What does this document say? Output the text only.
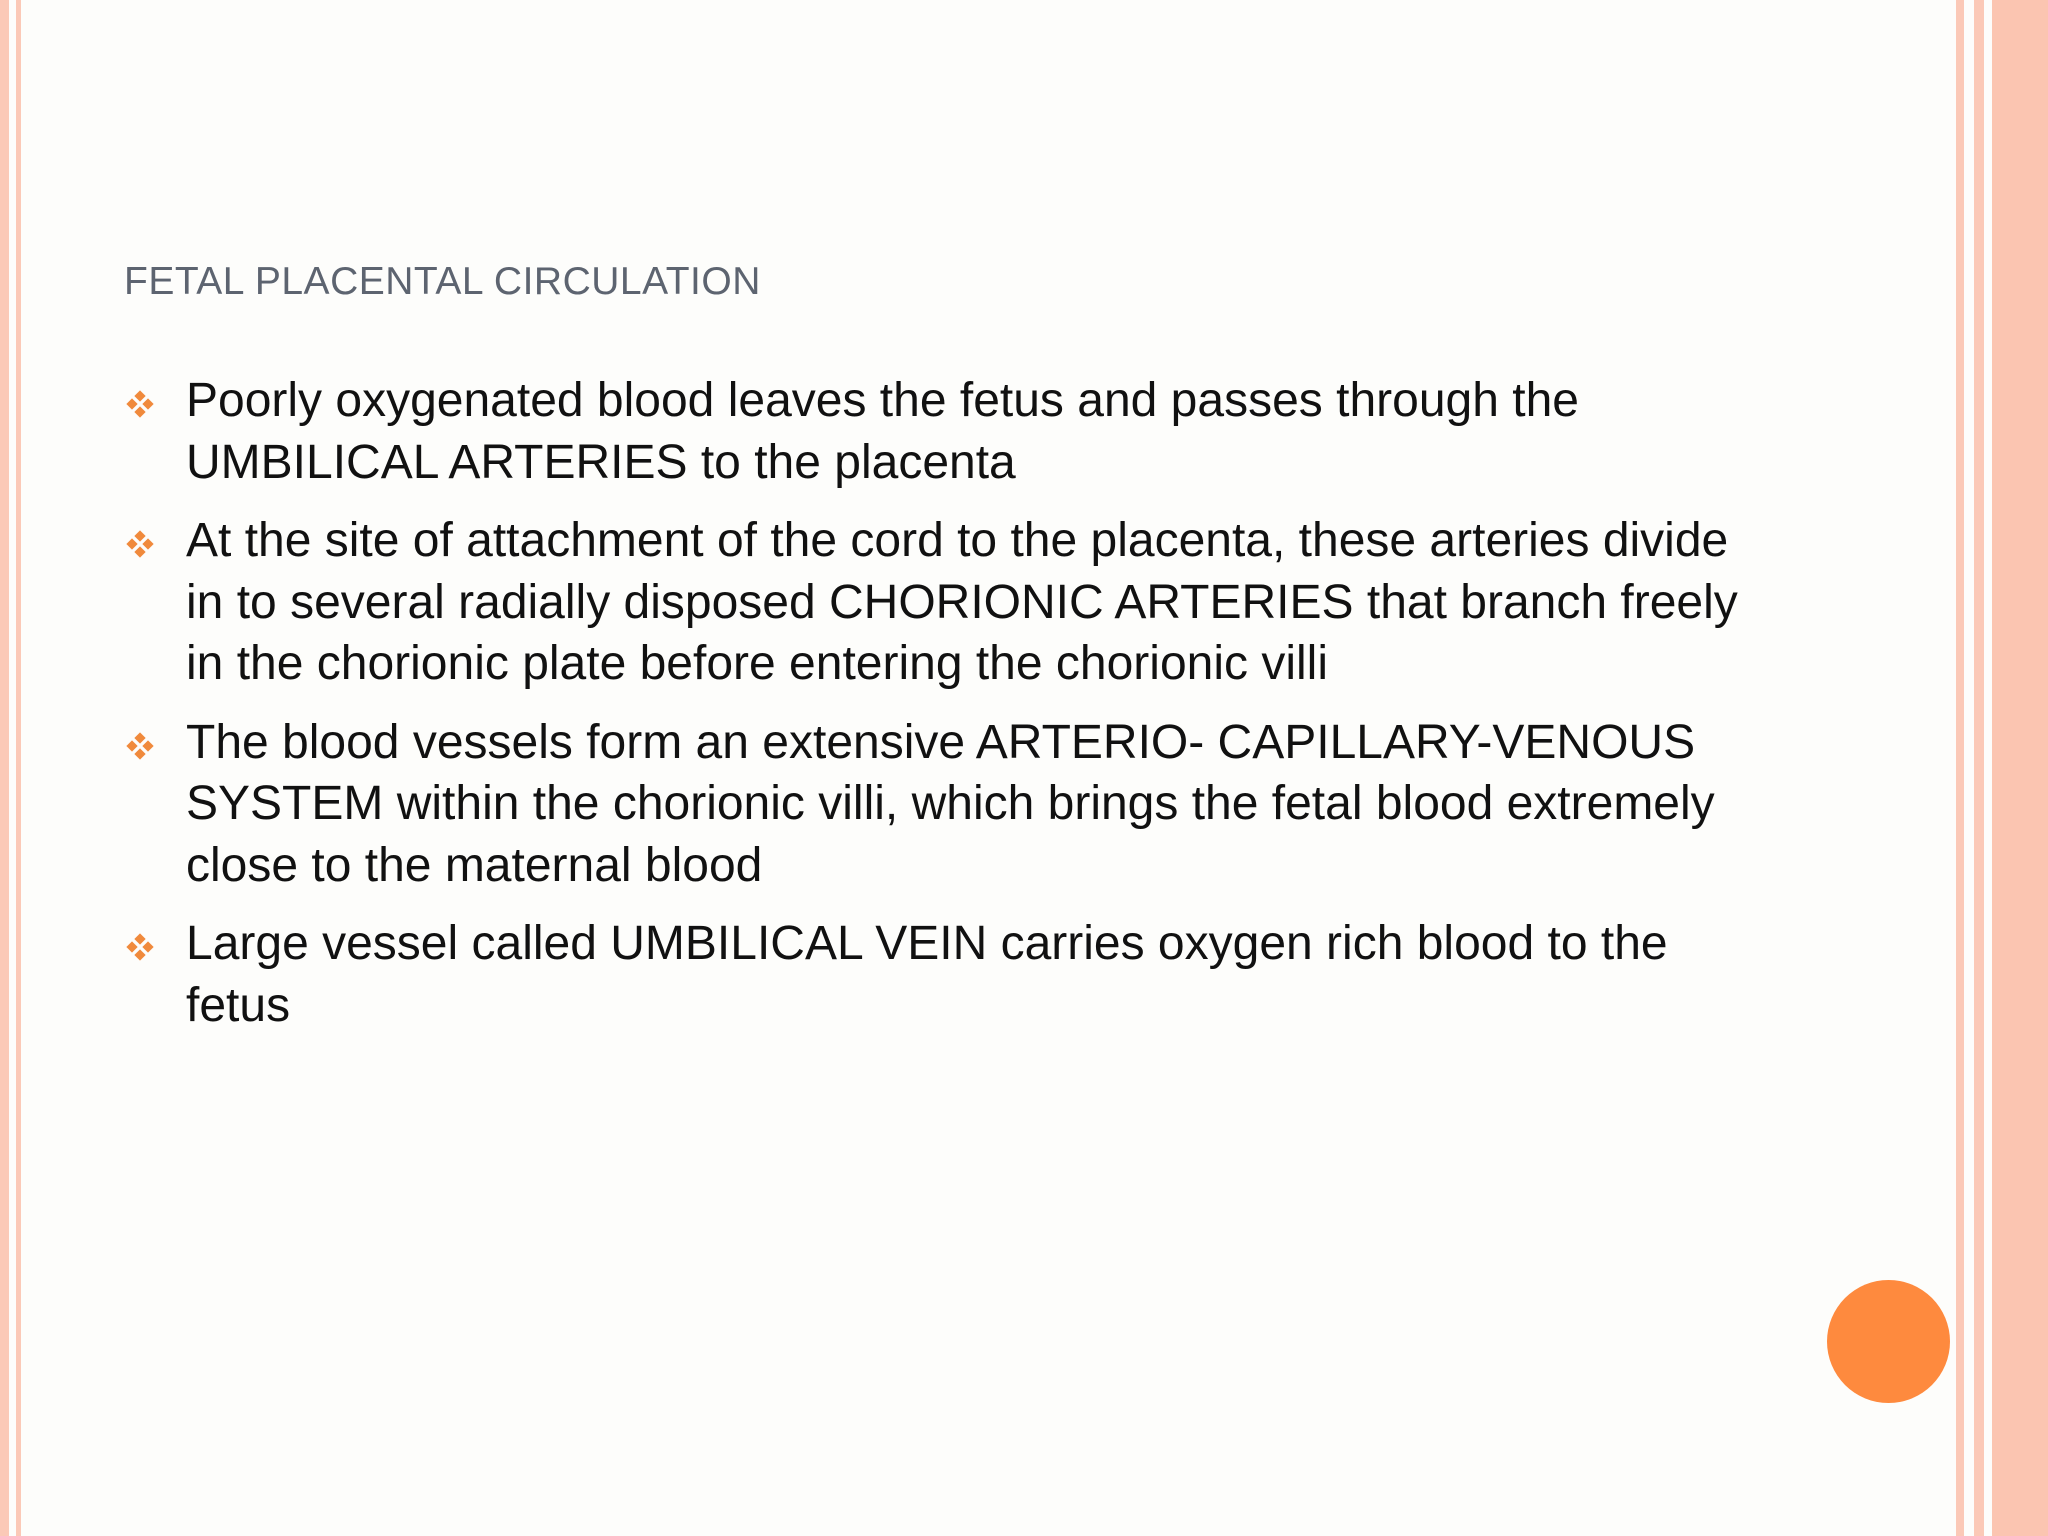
FETAL PLACENTAL CIRCULATION
Poorly oxygenated blood leaves the fetus and passes through the UMBILICAL ARTERIES to the placenta
At the site of attachment of the cord to the placenta, these arteries divide in to several radially disposed CHORIONIC ARTERIES that branch freely in the chorionic plate before entering the chorionic villi
The blood vessels form an extensive ARTERIO- CAPILLARY-VENOUS SYSTEM within the chorionic villi, which brings the fetal blood extremely close to the maternal blood
Large vessel called UMBILICAL VEIN carries oxygen rich blood to the fetus
